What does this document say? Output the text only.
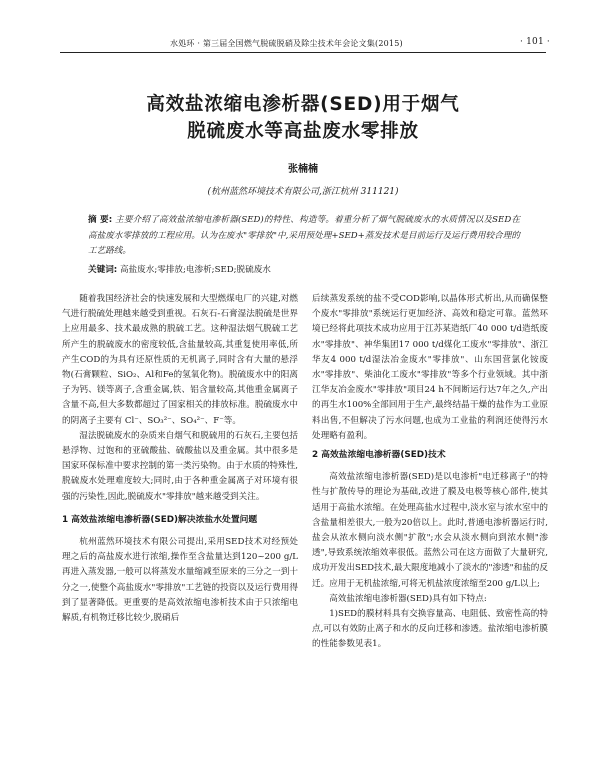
水処环 · 第三届全国燃气脱硫脱硝及除尘技术年会论文集(2015)	· 101 ·
高效盐浓缩电渗析器(SED)用于烟气
脱硫废水等高盐废水零排放
张楠楠
(杭州蓝然环境技术有限公司,浙江杭州 311121)
摘 要: 主要介绍了高效盐浓缩电渗析器(SED)的特性、构造等。着重分析了烟气脱硫废水的水质情况以及SED在高盐废水零排放的工程应用。认为在废水"零排放"中,采用预处理+SED+蒸发技术是目前运行及运行费用较合理的工艺路线。
关键词: 高盐废水;零排放;电渗析;SED;脱硫废水

随着我国经济社会的快速发展和大型燃煤电厂的兴建,对燃气进行脱硫处理越来越受到重视。石灰石-石膏湿法脱硫是世界上应用最多、技术最成熟的脱硫工艺。这种湿法烟气脱硫工艺所产生的脱硫废水的密度较低,含盐量较高,其重复使用率低,所产生COD的为具有还原性质的无机离子,同时含有大量的悬浮物(石膏颗粒、SiO₂、Al和Fe的氢氧化物)。脱硫废水中的阳离子为钙、镁等离子,含重金属,铁、铝含量较高,其他重金属离子含量不高,但大多数都超过了国家相关的排放标准。脱硫废水中的阴离子主要有 Cl⁻、SO₃²⁻、SO₄²⁻、F⁻等。

湿法脱硫废水的杂质来自烟气和脱硫用的石灰石,主要包括悬浮物、过饱和的亚硫酸盐、硫酸盐以及重金属。其中很多是国家环保标准中要求控制的第一类污染物。由于水质的特殊性,脱硫废水处理难度较大;同时,由于各种重金属离子对环境有很强的污染性,因此,脱硫废水"零排放"越来越受到关注。

1 高效盐浓缩电渗析器(SED)解决浓盐水处置问题

杭州蓝然环境技术有限公司提出,采用SED技术对经预处理之后的高盐废水进行浓缩,操作至含盐量达到120~200 g/L再进入蒸发器,一般可以将蒸发水量缩减至原来的三分之一到十分之一,使整个高盐废水"零排放"工艺链的投资以及运行费用得到了显著降低。更重要的是高效浓缩电渗析技术由于只浓缩电解质,有机物迁移比较少,脱硝后

后续蒸发系统的盐不受COD影响,以晶体形式析出,从而确保整个废水"零排放"系统运行更加经济、高效和稳定可靠。蓝然环境已经将此项技术成功应用于江苏某造纸厂40 000 t/d造纸废水"零排放"、神华集团17 000 t/d煤化工废水"零排放"、浙江华友4 000 t/d湿法冶金废水"零排放"、山东国营氯化铵废水"零排放"、柴油化工废水"零排放"等多个行业领域。其中浙江华友冶金废水"零排放"项目24 h不间断运行达7年之久,产出的再生水100%全部回用于生产,最终结晶干燥的盐作为工业原料出售,不但解决了污水问题,也成为工业盐的利润还使得污水处理略有盈利。

2 高效盐浓缩电渗析器(SED)技术

高效盐浓缩电渗析器(SED)是以电渗析"电迁移离子"的特性与扩散传导的理论为基础,改进了膜及电极等核心部件,使其适用于高盐水浓缩。在处理高盐水过程中,淡水室与浓水室中的含盐量相差很大,一般为20倍以上。此时,普通电渗析器运行时,盐会从浓水侧向淡水侧"扩散";水会从淡水侧向到浓水侧"渗透",导致系统浓缩效率很低。蓝然公司在这方面做了大量研究,成功开发出SED技术,最大限度地减小了淡水的"渗透"和盐的反迁。应用于无机盐浓缩,可将无机盐浓度浓缩至200 g/L以上;

高效盐浓缩电渗析器(SED)具有如下特点:

1)SED的膜材料具有交换容量高、电阻低、致密性高的特点,可以有效防止离子和水的反向迁移和渗透。盐浓缩电渗析膜的性能参数见表1。
